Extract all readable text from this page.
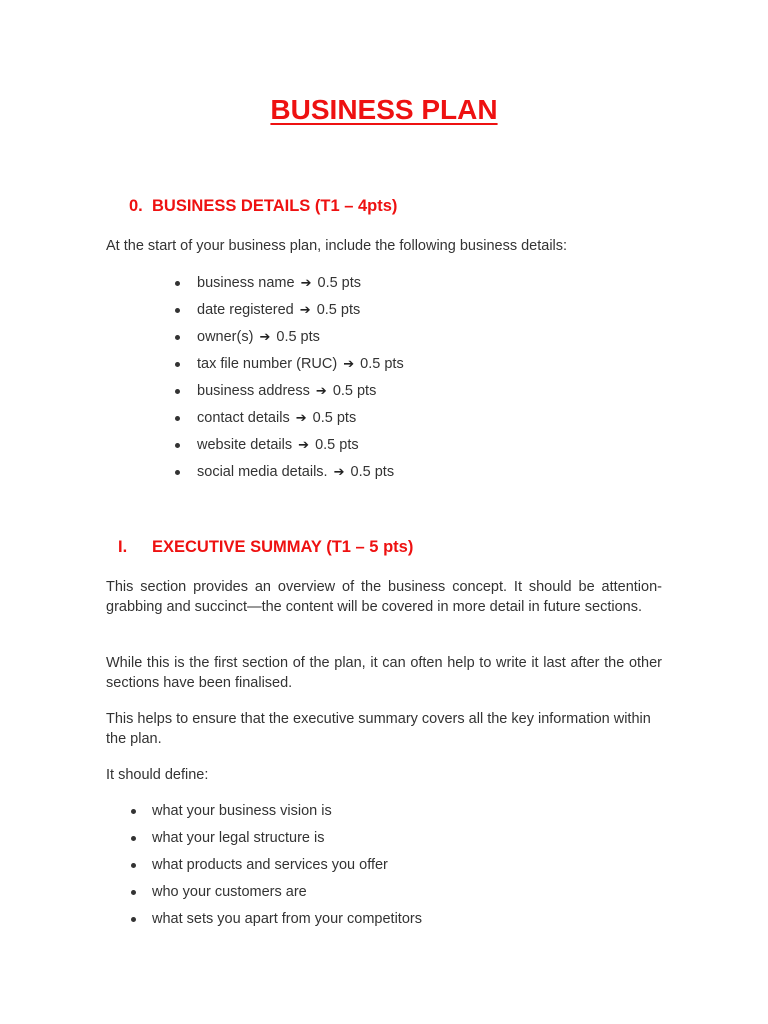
BUSINESS PLAN
0. BUSINESS DETAILS (T1 – 4pts)
At the start of your business plan, include the following business details:
business name ➔ 0.5 pts
date registered ➔ 0.5 pts
owner(s) ➔ 0.5 pts
tax file number (RUC) ➔ 0.5 pts
business address ➔ 0.5 pts
contact details ➔ 0.5 pts
website details ➔ 0.5 pts
social media details. ➔ 0.5 pts
I. EXECUTIVE SUMMAY (T1 – 5 pts)
This section provides an overview of the business concept. It should be attention-grabbing and succinct—the content will be covered in more detail in future sections.
While this is the first section of the plan, it can often help to write it last after the other sections have been finalised.
This helps to ensure that the executive summary covers all the key information within the plan.
It should define:
what your business vision is
what your legal structure is
what products and services you offer
who your customers are
what sets you apart from your competitors
